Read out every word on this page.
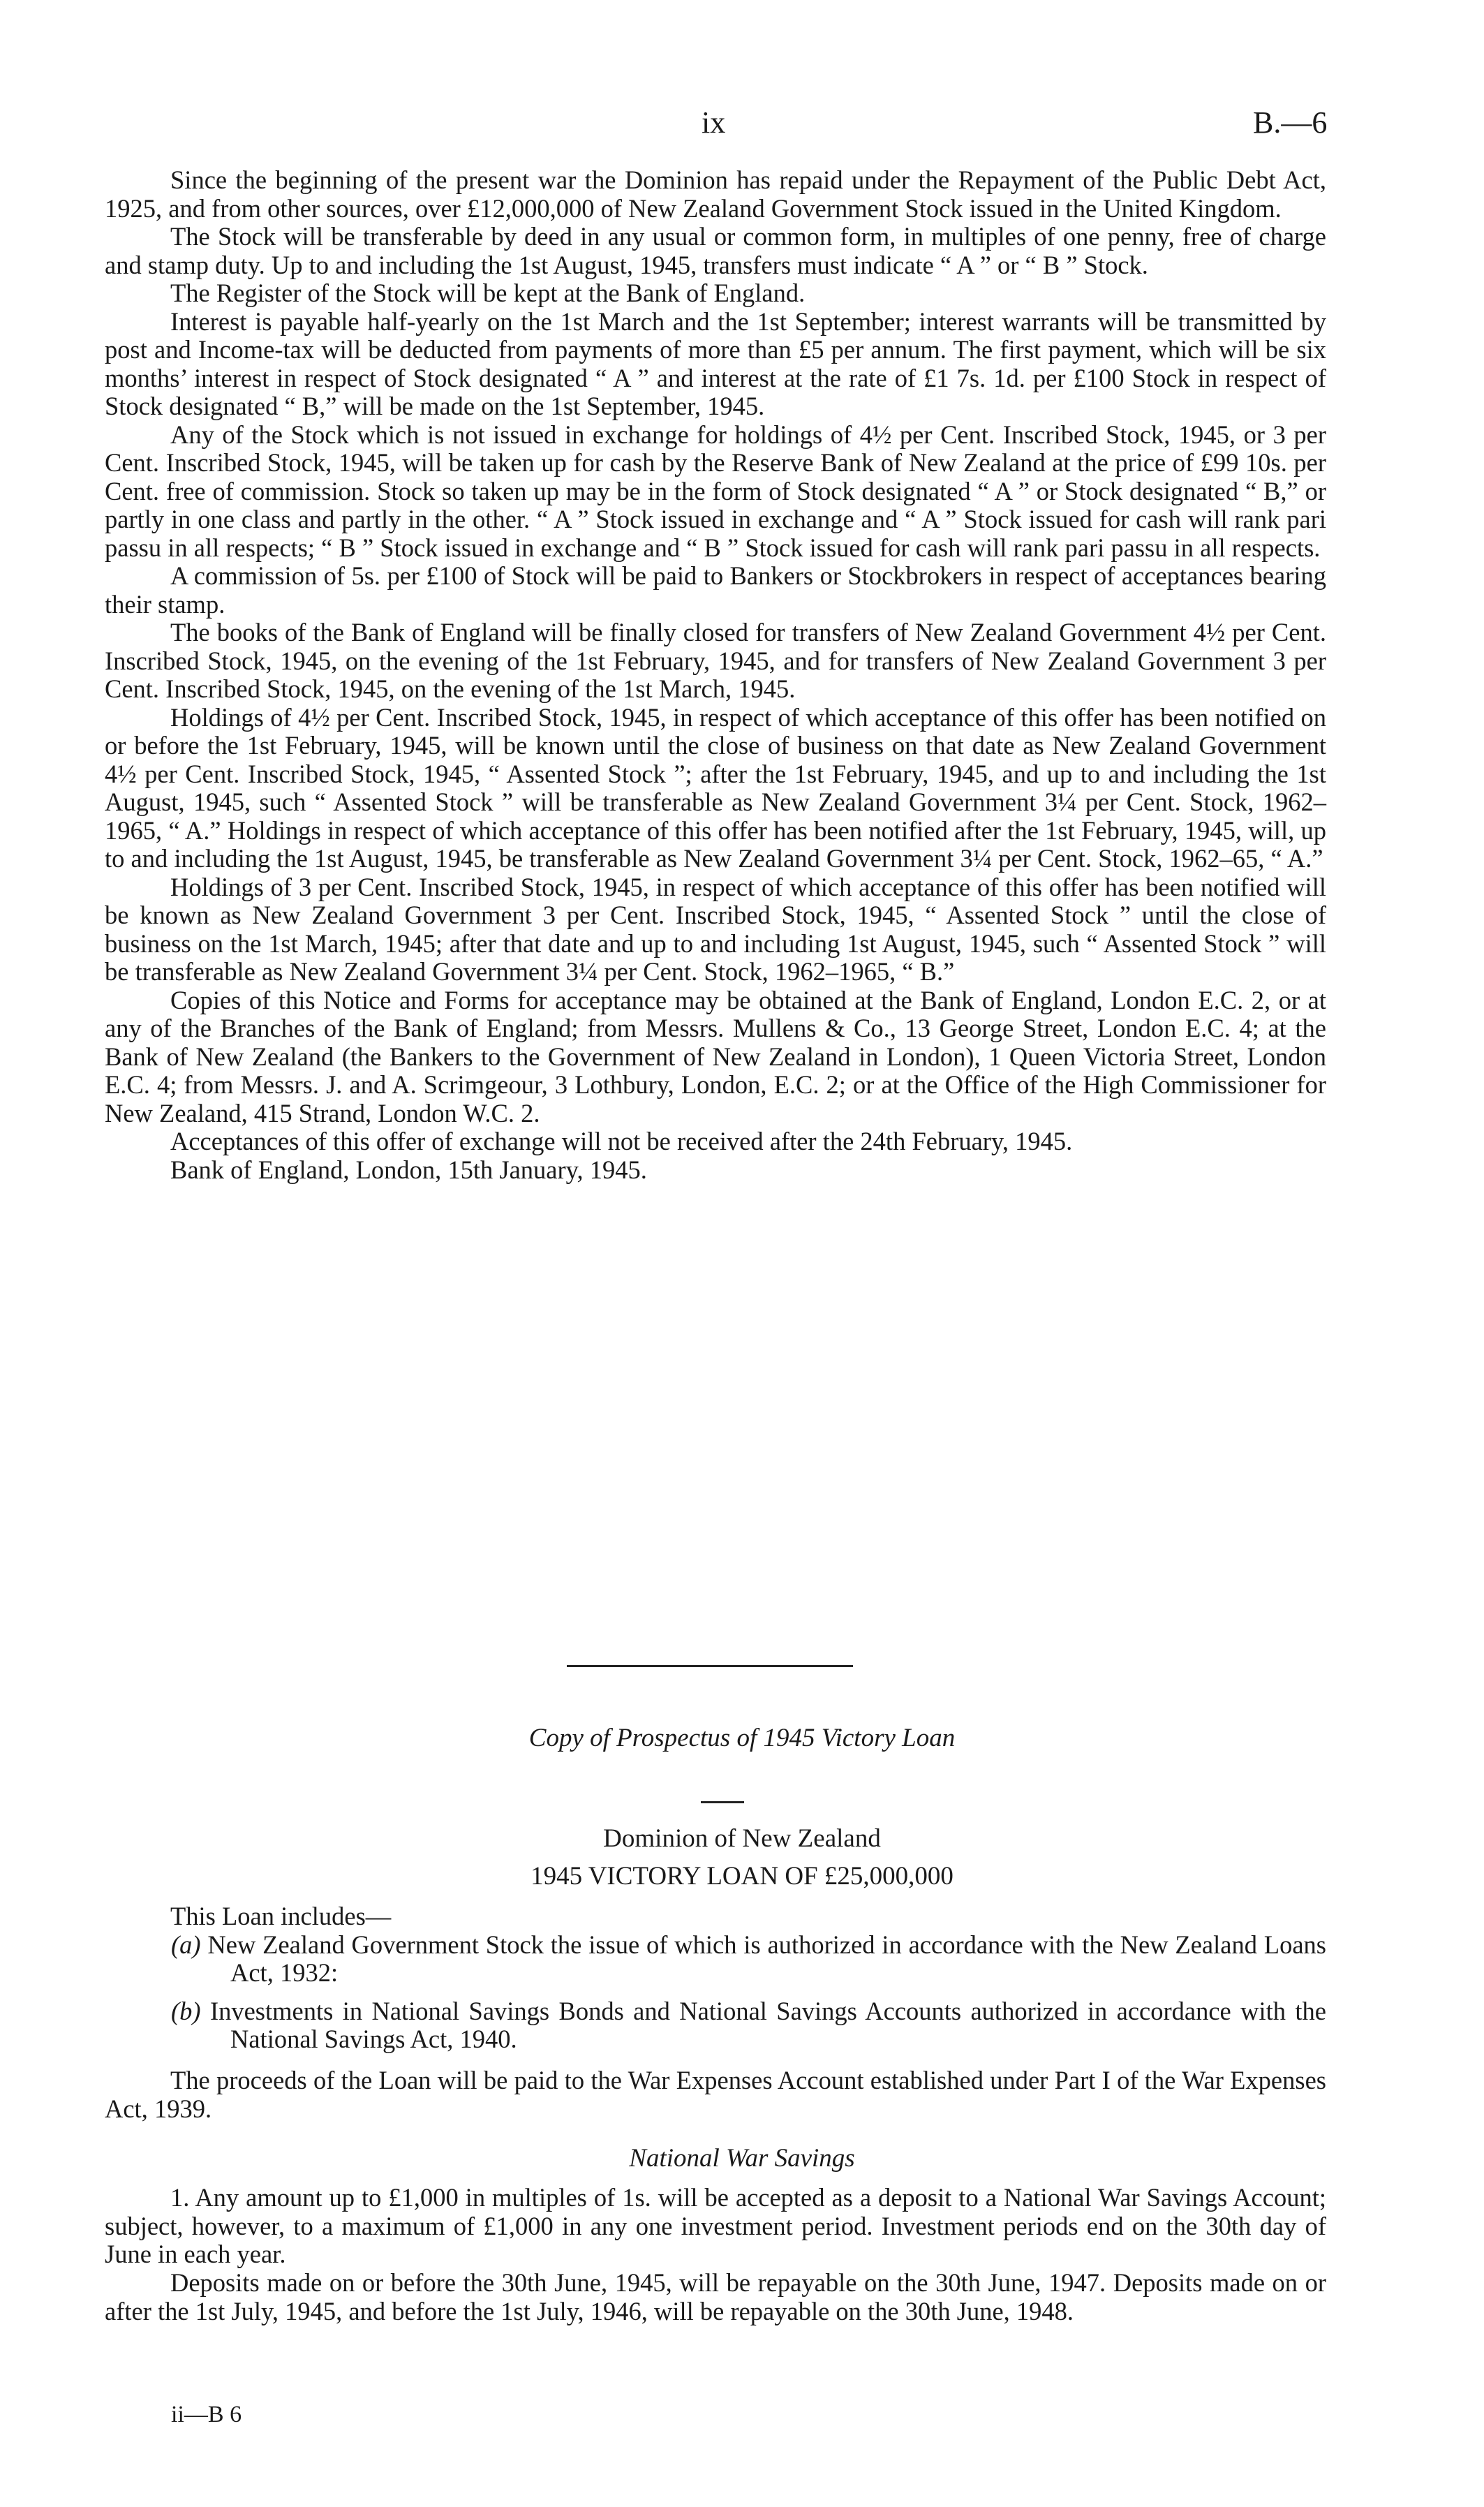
ix	B.—6

Since the beginning of the present war the Dominion has repaid under the Repayment of the Public Debt Act, 1925, and from other sources, over £12,000,000 of New Zealand Government Stock issued in the United Kingdom.

The Stock will be transferable by deed in any usual or common form, in multiples of one penny, free of charge and stamp duty. Up to and including the 1st August, 1945, transfers must indicate “ A ” or “ B ” Stock.

The Register of the Stock will be kept at the Bank of England.

Interest is payable half-yearly on the 1st March and the 1st September; interest warrants will be transmitted by post and Income-tax will be deducted from payments of more than £5 per annum. The first payment, which will be six months’ interest in respect of Stock designated “ A ” and interest at the rate of £1 7s. 1d. per £100 Stock in respect of Stock designated “ B,” will be made on the 1st September, 1945.

Any of the Stock which is not issued in exchange for holdings of 4½ per Cent. Inscribed Stock, 1945, or 3 per Cent. Inscribed Stock, 1945, will be taken up for cash by the Reserve Bank of New Zealand at the price of £99 10s. per Cent. free of commission. Stock so taken up may be in the form of Stock designated “ A ” or Stock designated “ B,” or partly in one class and partly in the other. “ A ” Stock issued in exchange and “ A ” Stock issued for cash will rank pari passu in all respects; “ B ” Stock issued in exchange and “ B ” Stock issued for cash will rank pari passu in all respects.

A commission of 5s. per £100 of Stock will be paid to Bankers or Stockbrokers in respect of acceptances bearing their stamp.

The books of the Bank of England will be finally closed for transfers of New Zealand Government 4½ per Cent. Inscribed Stock, 1945, on the evening of the 1st February, 1945, and for transfers of New Zealand Government 3 per Cent. Inscribed Stock, 1945, on the evening of the 1st March, 1945.

Holdings of 4½ per Cent. Inscribed Stock, 1945, in respect of which acceptance of this offer has been notified on or before the 1st February, 1945, will be known until the close of business on that date as New Zealand Government 4½ per Cent. Inscribed Stock, 1945, “ Assented Stock ”; after the 1st February, 1945, and up to and including the 1st August, 1945, such “ Assented Stock ” will be transferable as New Zealand Government 3¼ per Cent. Stock, 1962–1965, “ A.” Holdings in respect of which acceptance of this offer has been notified after the 1st February, 1945, will, up to and including the 1st August, 1945, be transferable as New Zealand Government 3¼ per Cent. Stock, 1962–65, “ A.”

Holdings of 3 per Cent. Inscribed Stock, 1945, in respect of which acceptance of this offer has been notified will be known as New Zealand Government 3 per Cent. Inscribed Stock, 1945, “ Assented Stock ” until the close of business on the 1st March, 1945; after that date and up to and including 1st August, 1945, such “ Assented Stock ” will be transferable as New Zealand Government 3¼ per Cent. Stock, 1962–1965, “ B.”

Copies of this Notice and Forms for acceptance may be obtained at the Bank of England, London E.C. 2, or at any of the Branches of the Bank of England; from Messrs. Mullens & Co., 13 George Street, London E.C. 4; at the Bank of New Zealand (the Bankers to the Government of New Zealand in London), 1 Queen Victoria Street, London E.C. 4; from Messrs. J. and A. Scrimgeour, 3 Lothbury, London, E.C. 2; or at the Office of the High Commissioner for New Zealand, 415 Strand, London W.C. 2.

Acceptances of this offer of exchange will not be received after the 24th February, 1945.

Bank of England, London, 15th January, 1945.

Copy of Prospectus of 1945 Victory Loan
Dominion of New Zealand
1945 VICTORY LOAN OF £25,000,000
This Loan includes—
(a) New Zealand Government Stock the issue of which is authorized in accordance with the New Zealand Loans Act, 1932:
(b) Investments in National Savings Bonds and National Savings Accounts authorized in accordance with the National Savings Act, 1940.
The proceeds of the Loan will be paid to the War Expenses Account established under Part I of the War Expenses Act, 1939.
National War Savings
1. Any amount up to £1,000 in multiples of 1s. will be accepted as a deposit to a National War Savings Account; subject, however, to a maximum of £1,000 in any one investment period. Investment periods end on the 30th day of June in each year.
Deposits made on or before the 30th June, 1945, will be repayable on the 30th June, 1947. Deposits made on or after the 1st July, 1945, and before the 1st July, 1946, will be repayable on the 30th June, 1948.
ii—B 6
